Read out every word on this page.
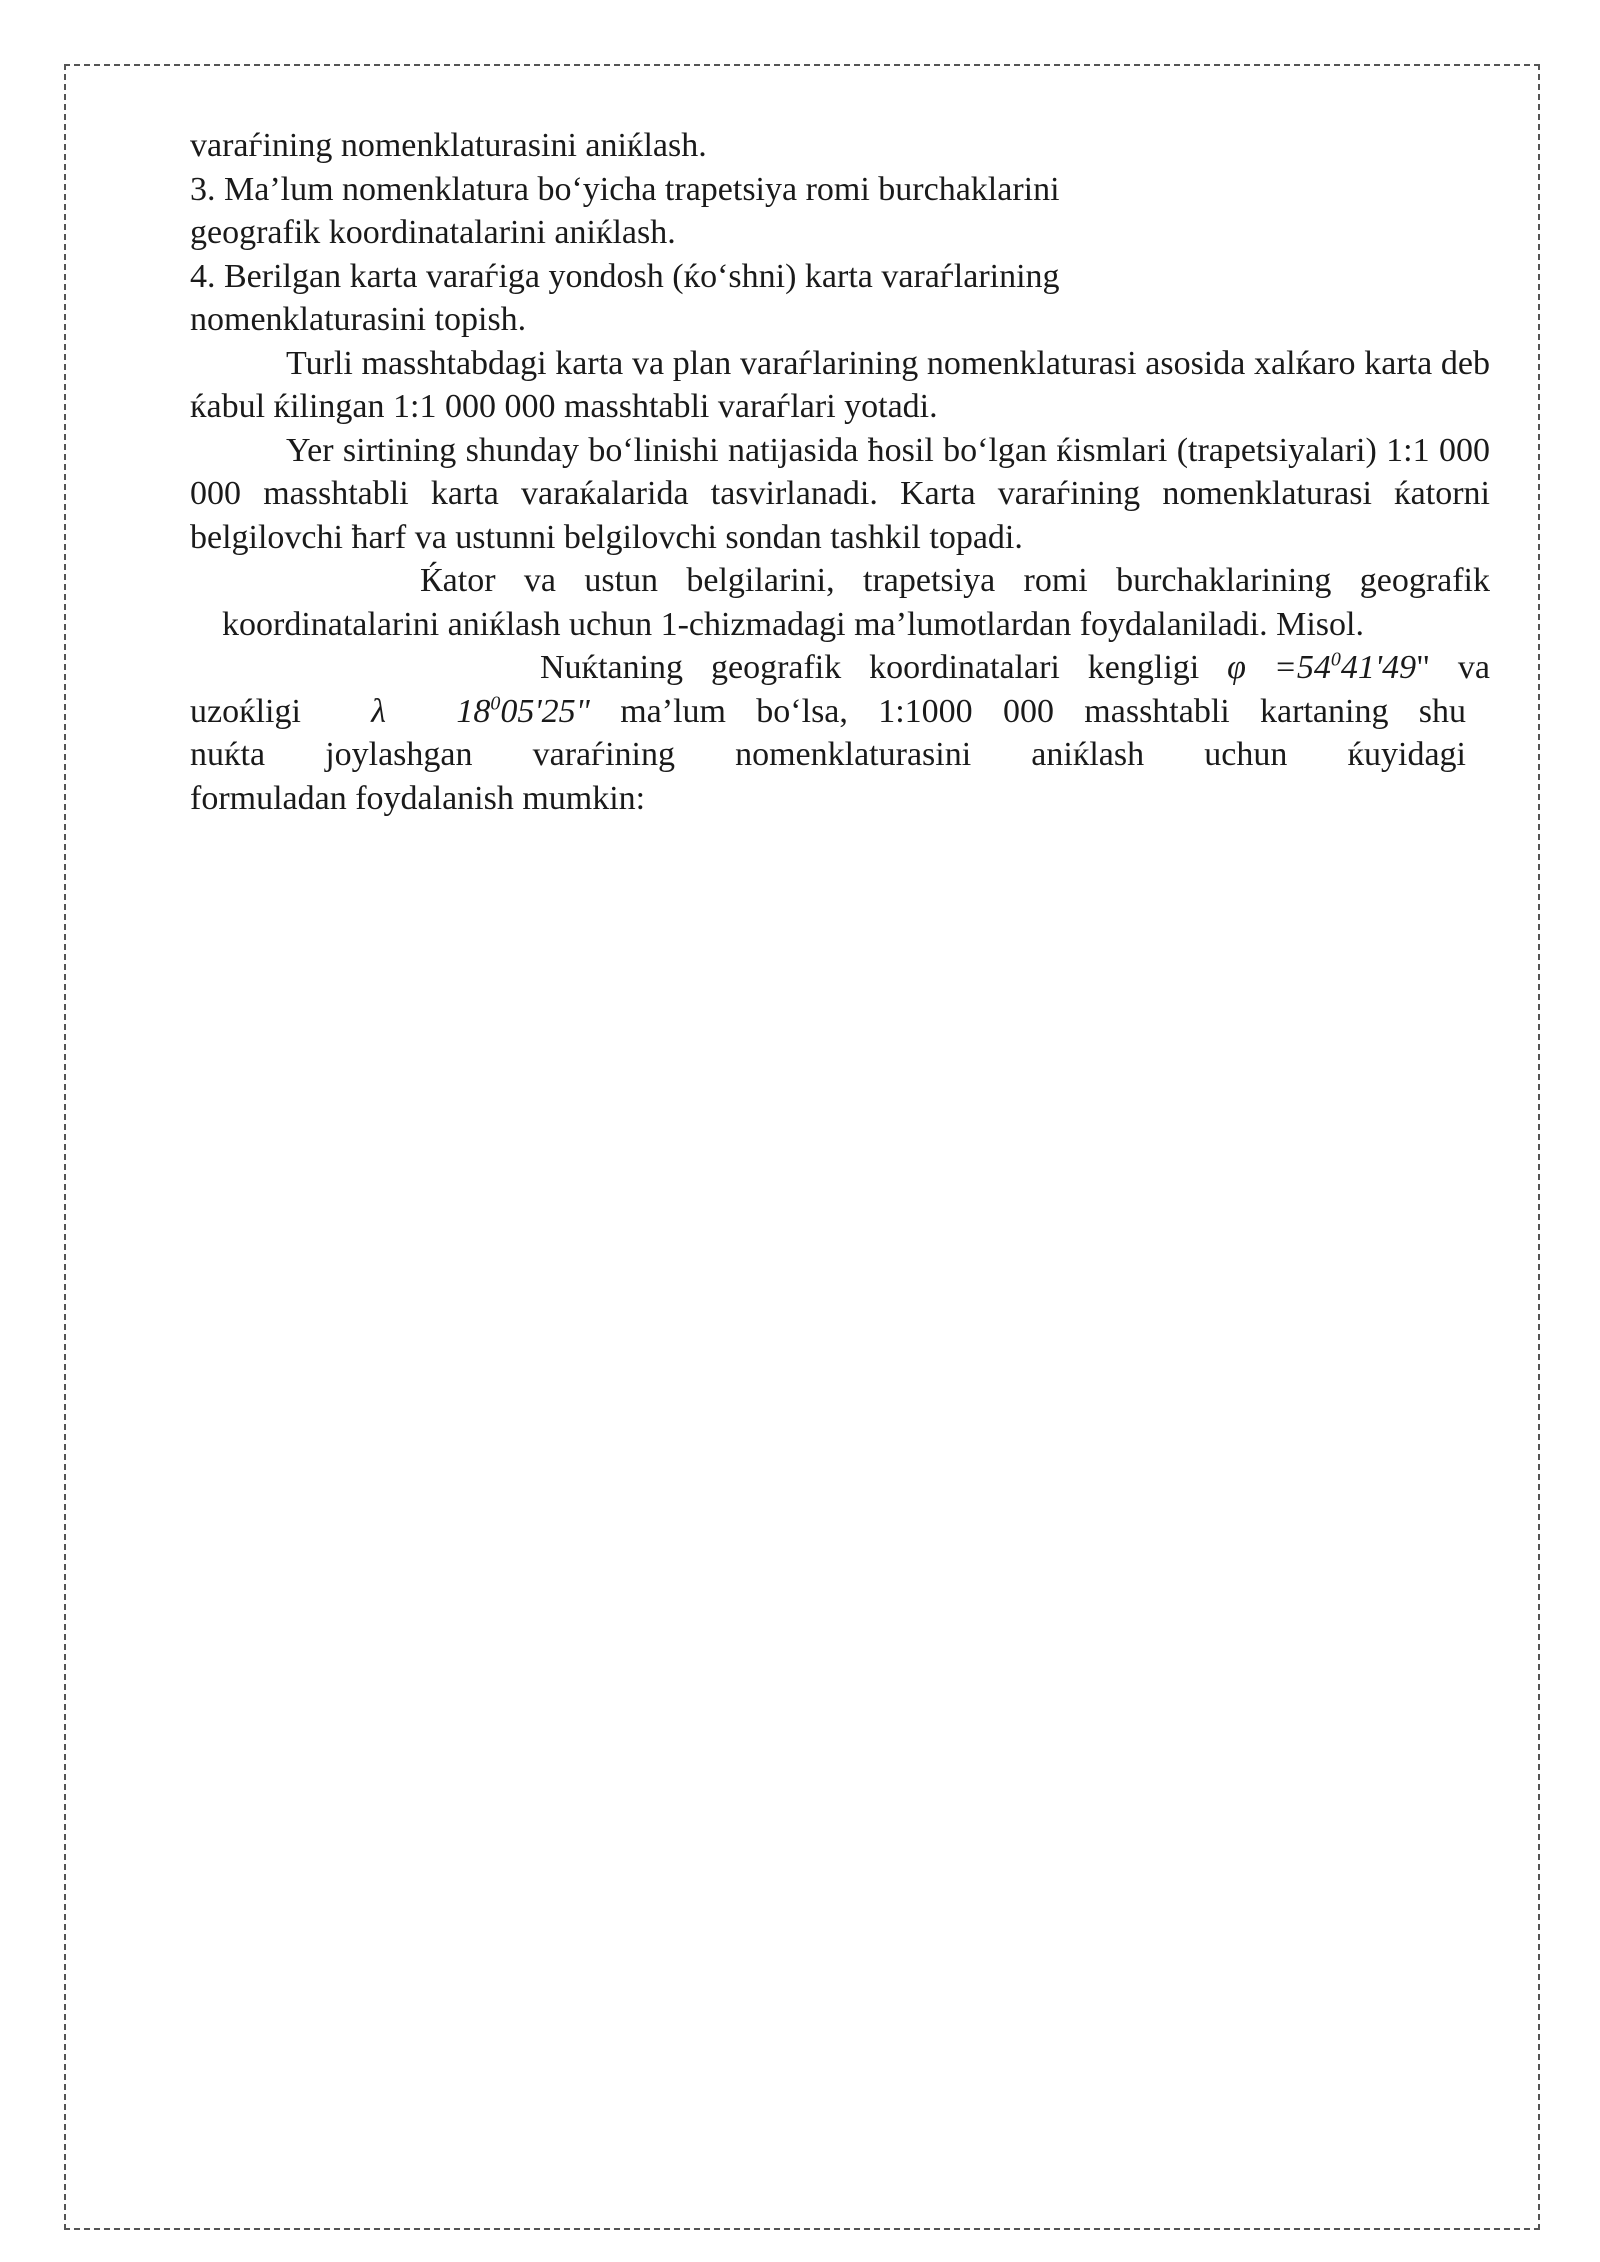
varaѓining nomenklaturasini aniќlash.

3. Ma’lum nomenklatura bo‘yicha trapetsiya romi burchaklarini

geografik koordinatalarini aniќlash.

4. Berilgan karta varaѓiga yondosh (ќo‘shni) karta varaѓlarining

nomenklaturasini topish.

Turli masshtabdagi karta va plan varaѓlarining nomenklaturasi asosida xalќaro karta deb ќabul ќilingan 1:1 000 000 masshtabli varaѓlari yotadi.

Yer sirtining shunday bo‘linishi natijasida ћosil bo‘lgan ќismlari (trapetsiyalari) 1:1 000 000 masshtabli karta varaќalarida tasvirlanadi. Karta varaѓining nomenklaturasi ќatorni belgilovchi ћarf va ustunni belgilovchi sondan tashkil topadi.

Ќator va ustun belgilarini, trapetsiya romi burchaklarining geografik

koordinatalarini aniќlash uchun 1-chizmadagi ma’lumotlardan foydalaniladi. Misol.

Nuќtaning geografik koordinatalari kengligi $\varphi =54^041'49$" va

uzoќligi λ $18^005'25$" ma’lum bo‘lsa, 1:1000 000 masshtabli kartaning shu

nuќta joylashgan varaѓining nomenklaturasini aniќlash uchun ќuyidagi

formuladan foydalanish mumkin:
